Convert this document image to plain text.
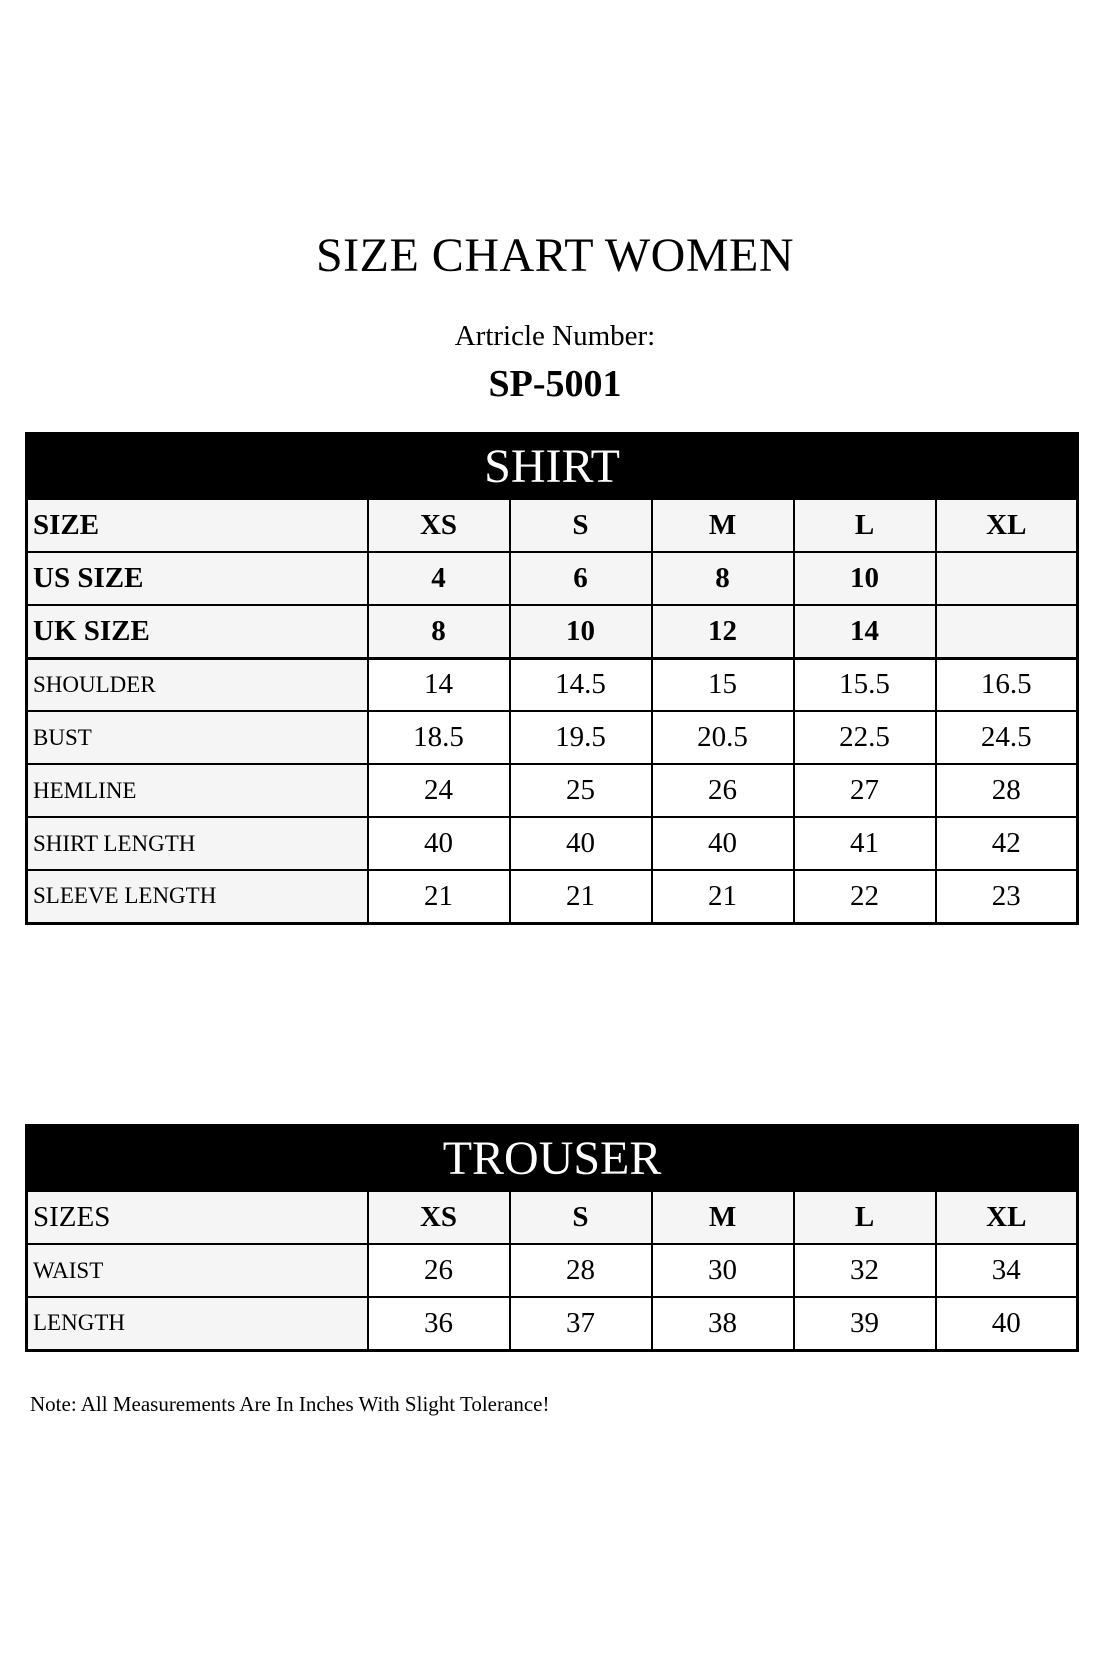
SIZE CHART WOMEN
Artricle Number:
SP-5001
SHIRT					
SIZE	XS	S	M	L	XL
US SIZE	4	6	8	10	
UK SIZE	8	10	12	14	
SHOULDER	14	14.5	15	15.5	16.5
BUST	18.5	19.5	20.5	22.5	24.5
HEMLINE	24	25	26	27	28
SHIRT LENGTH	40	40	40	41	42
SLEEVE LENGTH	21	21	21	22	23
TROUSER					
SIZES	XS	S	M	L	XL
WAIST	26	28	30	32	34
LENGTH	36	37	38	39	40
Note: All Measurements Are In Inches With Slight Tolerance!
